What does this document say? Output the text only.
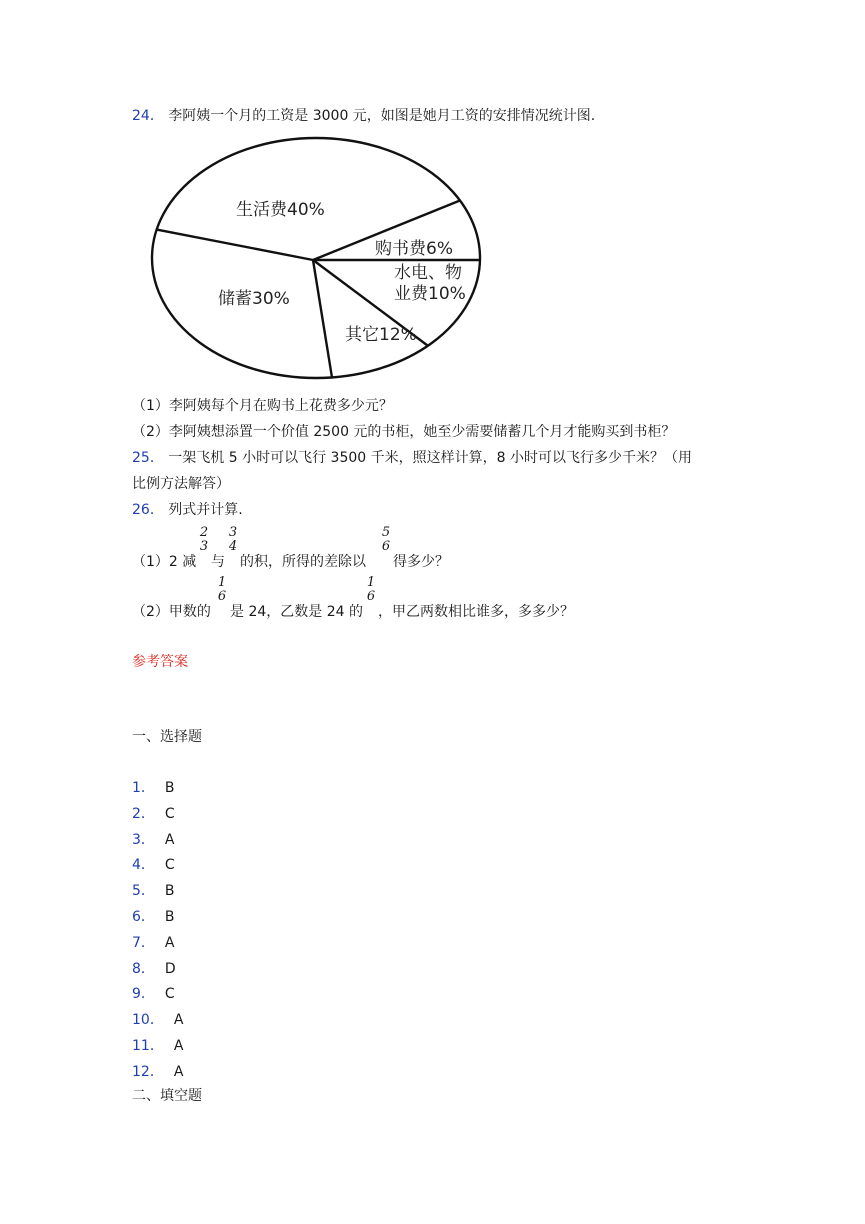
24． 李阿姨一个月的工资是 3000 元，如图是她月工资的安排情况统计图.
生活费40%
购书费6%
水电、物
业费10%
其它12%
储蓄30%
（1）李阿姨每个月在购书上花费多少元？
（2）李阿姨想添置一个价值 2500 元的书柜，她至少需要储蓄几个月才能购买到书柜？
25． 一架飞机 5 小时可以飞行 3500 千米，照这样计算，8 小时可以飞行多少千米？（用
比例方法解答）
26． 列式并计算.
（1）2 减
2
3
与
3
4
的积，所得的差除以
5
6
得多少？
（2）甲数的
1
6
是 24，乙数是 24 的
1
6
，甲乙两数相比谁多，多多少？
参考答案
一、选择题
1． B
2． C
3． A
4． C
5． B
6． B
7． A
8． D
9． C
10． A
11． A
12． A
二、填空题
